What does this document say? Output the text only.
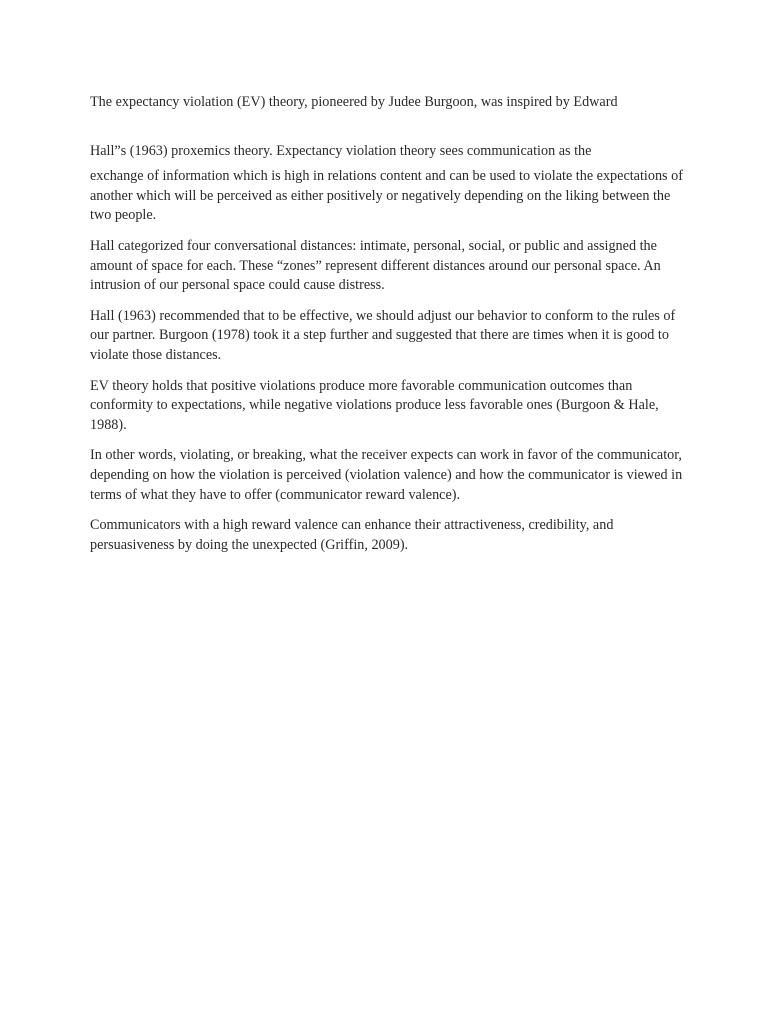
The expectancy violation (EV) theory, pioneered by Judee Burgoon, was inspired by Edward

Hall”s (1963) proxemics theory. Expectancy violation theory sees communication as the

exchange of information which is high in relations content and can be used to violate the expectations of another which will be perceived as either positively or negatively depending on the liking between the two people.

Hall categorized four conversational distances: intimate, personal, social, or public and assigned the amount of space for each. These “zones” represent different distances around our personal space. An intrusion of our personal space could cause distress.

Hall (1963) recommended that to be effective, we should adjust our behavior to conform to the rules of our partner. Burgoon (1978) took it a step further and suggested that there are times when it is good to violate those distances.

EV theory holds that positive violations produce more favorable communication outcomes than conformity to expectations, while negative violations produce less favorable ones (Burgoon & Hale, 1988).

In other words, violating, or breaking, what the receiver expects can work in favor of the communicator, depending on how the violation is perceived (violation valence) and how the communicator is viewed in terms of what they have to offer (communicator reward valence).

Communicators with a high reward valence can enhance their attractiveness, credibility, and persuasiveness by doing the unexpected (Griffin, 2009).
